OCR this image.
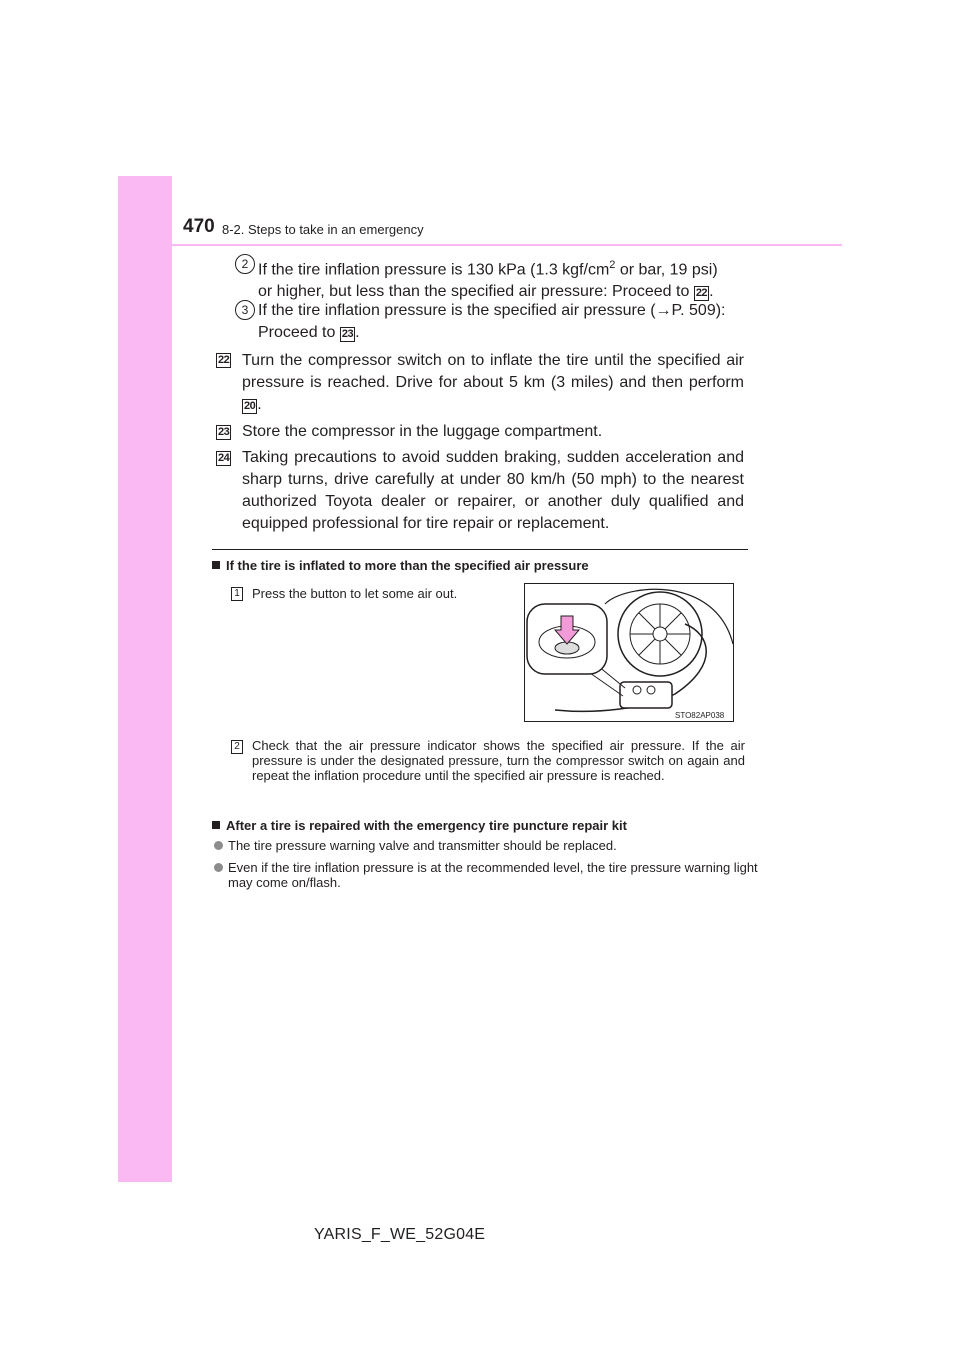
470 8-2. Steps to take in an emergency
2 If the tire inflation pressure is 130 kPa (1.3 kgf/$cm^2$ or bar, 19 psi)
or higher, but less than the specified air pressure: Proceed to 22 .
3 If the tire inflation pressure is the specified air pressure (→P. 509):
Proceed to 23 .
22 Turn the compressor switch on to inflate the tire until the specified air pressure is reached. Drive for about 5 km (3 miles) and then perform 20 .
23 Store the compressor in the luggage compartment.
24 Taking precautions to avoid sudden braking, sudden acceleration and sharp turns, drive carefully at under 80 km/h (50 mph) to the nearest authorized Toyota dealer or repairer, or another duly qualified and equipped professional for tire repair or replacement.
If the tire is inflated to more than the specified air pressure
1 Press the button to let some air out.
STO82AP038
2 Check that the air pressure indicator shows the specified air pressure. If the air pressure is under the designated pressure, turn the compressor switch on again and repeat the inflation procedure until the specified air pressure is reached.
After a tire is repaired with the emergency tire puncture repair kit
The tire pressure warning valve and transmitter should be replaced.
Even if the tire inflation pressure is at the recommended level, the tire pressure warning light may come on/flash.
YARIS_F_WE_52G04E
